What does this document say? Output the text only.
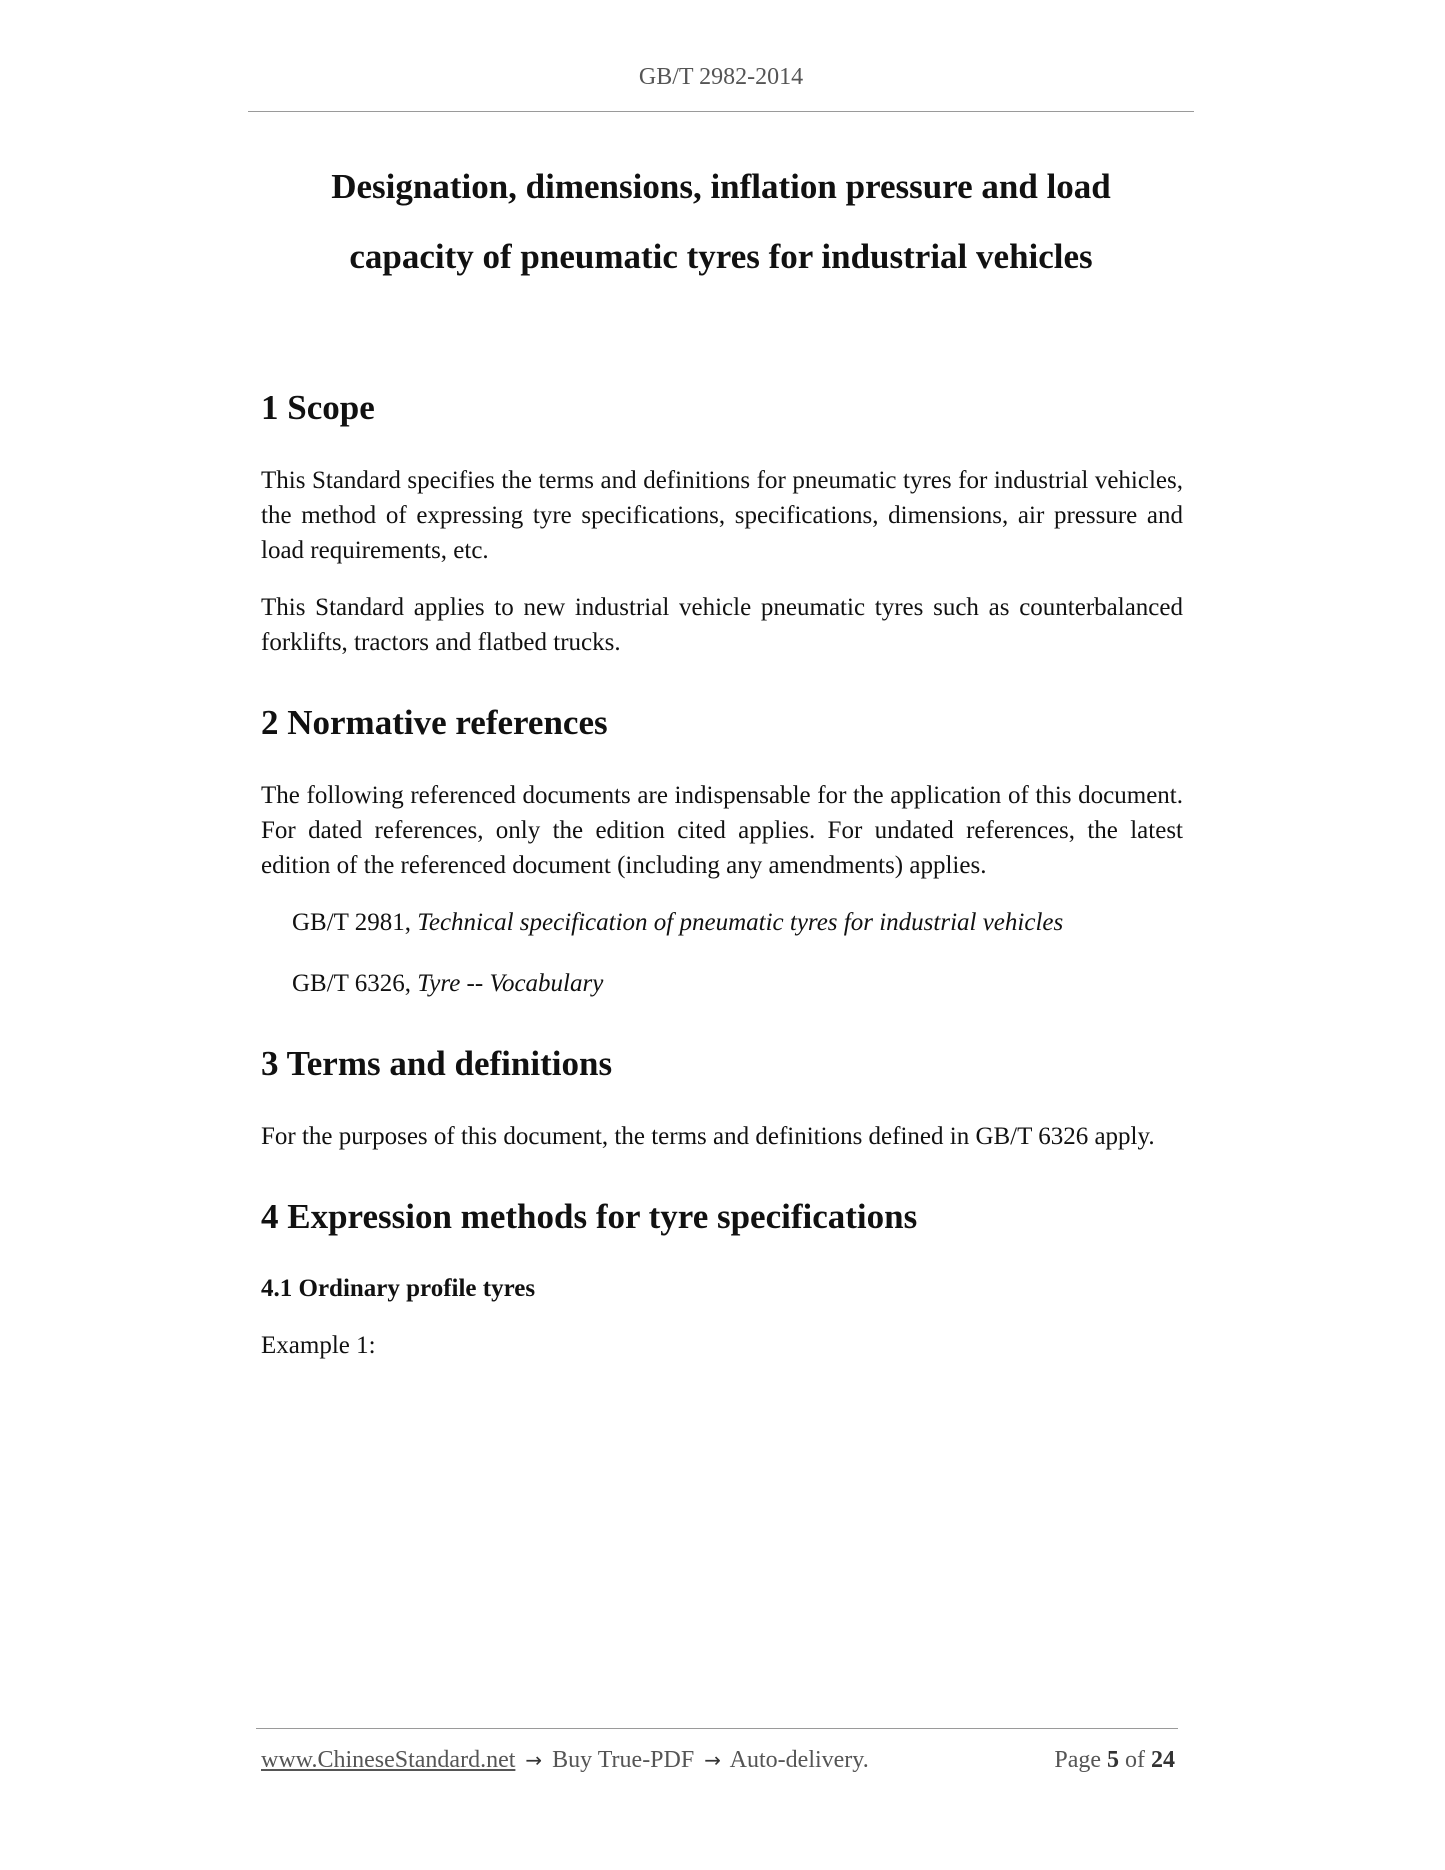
GB/T 2982-2014
Designation, dimensions, inflation pressure and load
capacity of pneumatic tyres for industrial vehicles
1 Scope

This Standard specifies the terms and definitions for pneumatic tyres for industrial vehicles, the method of expressing tyre specifications, specifications, dimensions, air pressure and load requirements, etc.

This Standard applies to new industrial vehicle pneumatic tyres such as counterbalanced forklifts, tractors and flatbed trucks.

2 Normative references

The following referenced documents are indispensable for the application of this document. For dated references, only the edition cited applies. For undated references, the latest edition of the referenced document (including any amendments) applies.

GB/T 2981, Technical specification of pneumatic tyres for industrial vehicles
GB/T 6326, Tyre -- Vocabulary
3 Terms and definitions

For the purposes of this document, the terms and definitions defined in GB/T 6326 apply.

4 Expression methods for tyre specifications
4.1 Ordinary profile tyres

Example 1:

www.ChineseStandard.net → Buy True-PDF → Auto-delivery.	Page 5 of 24
